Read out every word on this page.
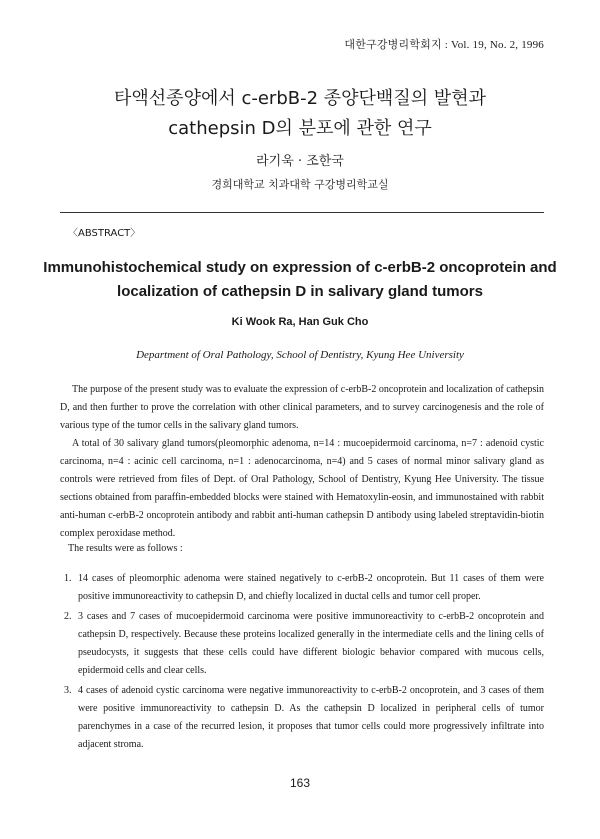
대한구강병리학회지 : Vol. 19, No. 2, 1996
타액선종양에서 c-erbB-2 종양단백질의 발현과
cathepsin D의 분포에 관한 연구
라기욱 · 조한국
경희대학교 치과대학 구강병리학교실
〈ABSTRACT〉
Immunohistochemical study on expression of c-erbB-2 oncoprotein and
localization of cathepsin D in salivary gland tumors
Ki Wook Ra, Han Guk Cho
Department of Oral Pathology, School of Dentistry, Kyung Hee University

The purpose of the present study was to evaluate the expression of c-erbB-2 oncoprotein and localization of cathepsin D, and then further to prove the correlation with other clinical parameters, and to survey carcinogenesis and the role of various type of the tumor cells in the salivary gland tumors.

A total of 30 salivary gland tumors(pleomorphic adenoma, n=14 : mucoepidermoid carcinoma, n=7 : adenoid cystic carcinoma, n=4 : acinic cell carcinoma, n=1 : adenocarcinoma, n=4) and 5 cases of normal minor salivary gland as controls were retrieved from files of Dept. of Oral Pathology, School of Dentistry, Kyung Hee University. The tissue sections obtained from paraffin-embedded blocks were stained with Hematoxylin-eosin, and immunostained with rabbit anti-human c-erbB-2 oncoprotein antibody and rabbit anti-human cathepsin D antibody using labeled streptavidin-biotin complex peroxidase method.

The results were as follows :
1. 14 cases of pleomorphic adenoma were stained negatively to c-erbB-2 oncoprotein. But 11 cases of them were positive immunoreactivity to cathepsin D, and chiefly localized in ductal cells and tumor cell proper.
2. 3 cases and 7 cases of mucoepidermoid carcinoma were positive immunoreactivity to c-erbB-2 oncoprotein and cathepsin D, respectively. Because these proteins localized generally in the intermediate cells and the lining cells of pseudocysts, it suggests that these cells could have different biologic behavior compared with mucous cells, epidermoid cells and clear cells.
3. 4 cases of adenoid cystic carcinoma were negative immunoreactivity to c-erbB-2 oncoprotein, and 3 cases of them were positive immunoreactivity to cathepsin D. As the cathepsin D localized in peripheral cells of tumor parenchymes in a case of the recurred lesion, it proposes that tumor cells could more progressively infiltrate into adjacent stroma.
163
